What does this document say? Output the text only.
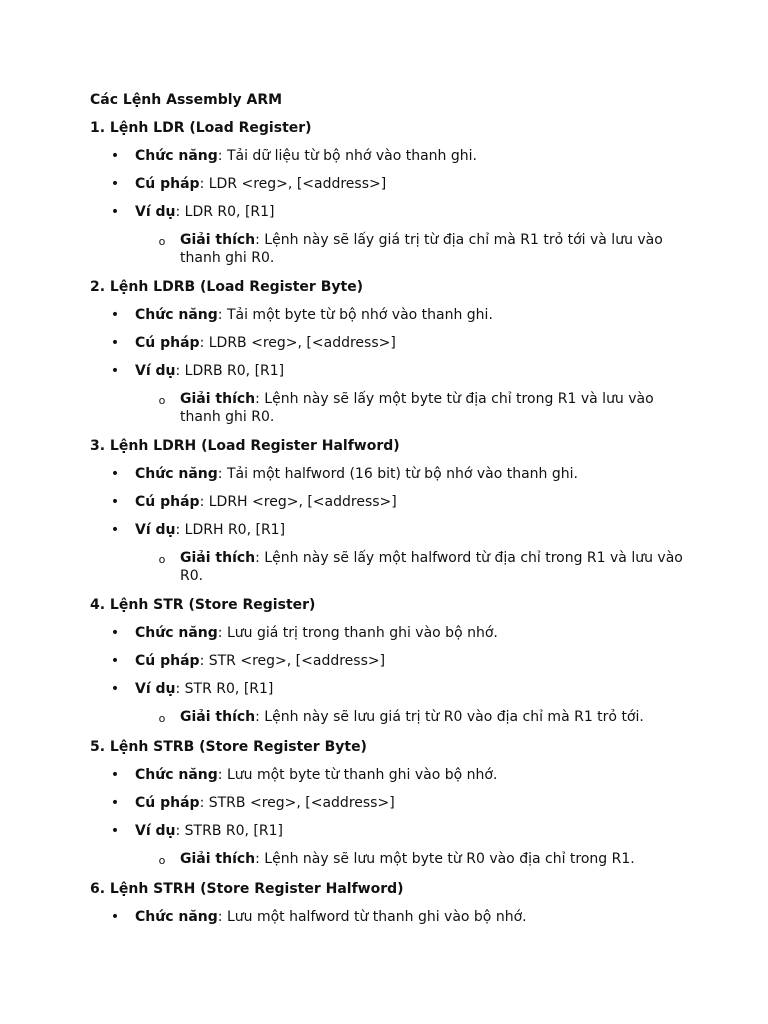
Các Lệnh Assembly ARM
1. Lệnh LDR (Load Register)
• Chức năng: Tải dữ liệu từ bộ nhớ vào thanh ghi.
• Cú pháp: LDR <reg>, [<address>]
• Ví dụ: LDR R0, [R1]
o Giải thích: Lệnh này sẽ lấy giá trị từ địa chỉ mà R1 trỏ tới và lưu vào thanh ghi R0.
2. Lệnh LDRB (Load Register Byte)
• Chức năng: Tải một byte từ bộ nhớ vào thanh ghi.
• Cú pháp: LDRB <reg>, [<address>]
• Ví dụ: LDRB R0, [R1]
o Giải thích: Lệnh này sẽ lấy một byte từ địa chỉ trong R1 và lưu vào thanh ghi R0.
3. Lệnh LDRH (Load Register Halfword)
• Chức năng: Tải một halfword (16 bit) từ bộ nhớ vào thanh ghi.
• Cú pháp: LDRH <reg>, [<address>]
• Ví dụ: LDRH R0, [R1]
o Giải thích: Lệnh này sẽ lấy một halfword từ địa chỉ trong R1 và lưu vào R0.
4. Lệnh STR (Store Register)
• Chức năng: Lưu giá trị trong thanh ghi vào bộ nhớ.
• Cú pháp: STR <reg>, [<address>]
• Ví dụ: STR R0, [R1]
o Giải thích: Lệnh này sẽ lưu giá trị từ R0 vào địa chỉ mà R1 trỏ tới.
5. Lệnh STRB (Store Register Byte)
• Chức năng: Lưu một byte từ thanh ghi vào bộ nhớ.
• Cú pháp: STRB <reg>, [<address>]
• Ví dụ: STRB R0, [R1]
o Giải thích: Lệnh này sẽ lưu một byte từ R0 vào địa chỉ trong R1.
6. Lệnh STRH (Store Register Halfword)
• Chức năng: Lưu một halfword từ thanh ghi vào bộ nhớ.
